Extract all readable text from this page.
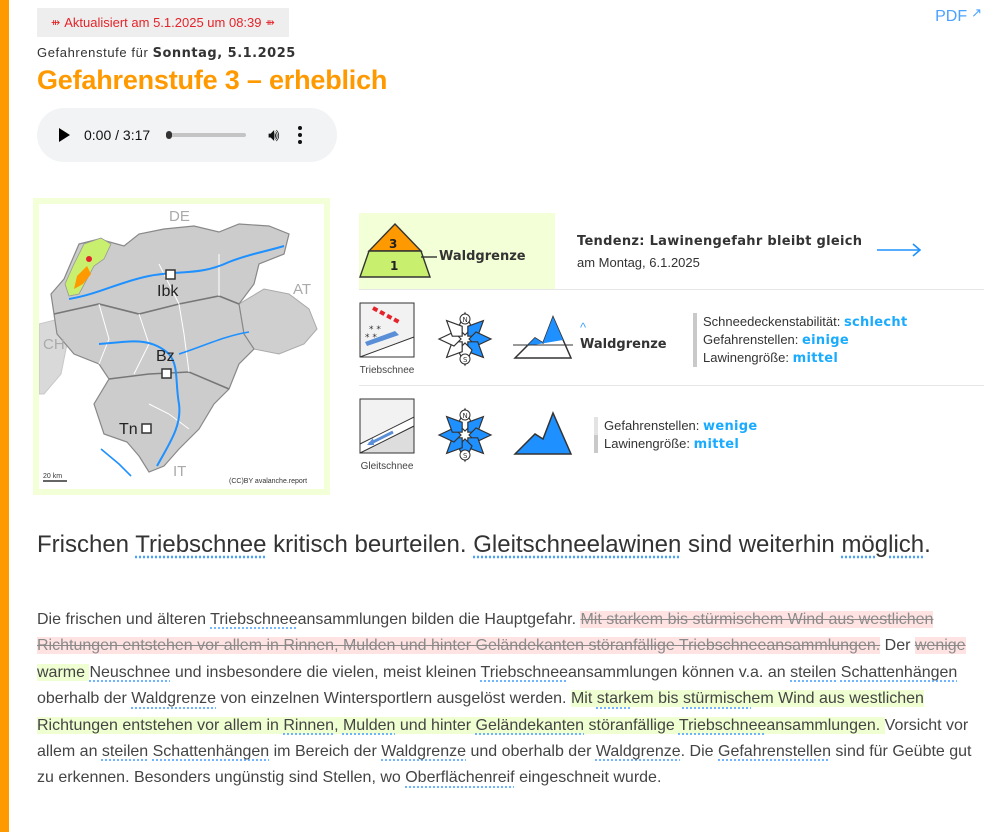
⇻ Aktualisiert am 5.1.2025 um 08:39 ⇻	PDF ↗
Gefahrenstufe für Sonntag, 5.1.2025
Gefahrenstufe 3 – erheblich
0:00 / 3:17	🔊︎
Ibk
Bz
Tn
DE
AT
CH
IT
20 km
(CC)BY avalanche.report
3
1
Waldgrenze
Tendenz: Lawinengefahr bleibt gleich
am Montag, 6.1.2025
* *
* *
Triebschnee
N
S
^
Waldgrenze
Schneedeckenstabilität: schlecht
Gefahrenstellen: einige
Lawinengröße: mittel
Gleitschnee
N
S
Gefahrenstellen: wenige
Lawinengröße: mittel
Frischen Triebschnee kritisch beurteilen. Gleitschneelawinen sind weiterhin möglich.
Die frischen und älteren Triebschneeansammlungen bilden die Hauptgefahr. Mit starkem bis stürmischem Wind aus westlichen Richtungen entstehen vor allem in Rinnen, Mulden und hinter Geländekanten störanfällige Triebschneeansammlungen. Der wenige warme Neuschnee und insbesondere die vielen, meist kleinen Triebschneeansammlungen können v.a. an steilen Schattenhängen oberhalb der Waldgrenze von einzelnen Wintersportlern ausgelöst werden. Mit starkem bis stürmischem Wind aus westlichen Richtungen entstehen vor allem in Rinnen, Mulden und hinter Geländekanten störanfällige Triebschneeansammlungen. Vorsicht vor allem an steilen Schattenhängen im Bereich der Waldgrenze und oberhalb der Waldgrenze. Die Gefahrenstellen sind für Geübte gut zu erkennen. Besonders ungünstig sind Stellen, wo Oberflächenreif eingeschneit wurde.
